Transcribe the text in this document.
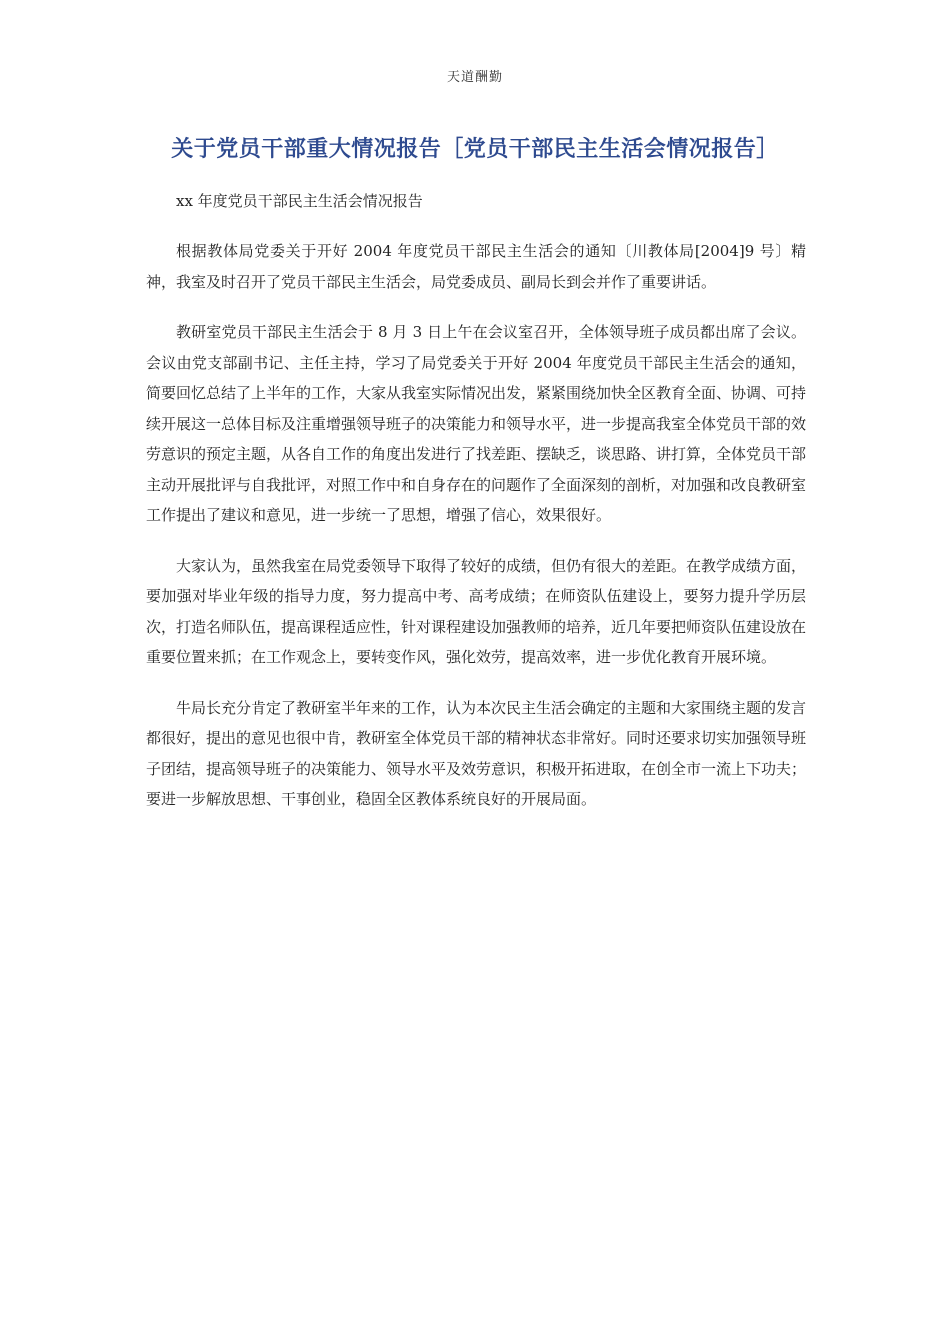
天道酬勤
关于党员干部重大情况报告［党员干部民主生活会情况报告］

xx 年度党员干部民主生活会情况报告

根据教体局党委关于开好 2004 年度党员干部民主生活会的通知〔川教体局[2004]9 号〕精神，我室及时召开了党员干部民主生活会，局党委成员、副局长到会并作了重要讲话。

教研室党员干部民主生活会于 8 月 3 日上午在会议室召开，全体领导班子成员都出席了会议。会议由党支部副书记、主任主持，学习了局党委关于开好 2004 年度党员干部民主生活会的通知，简要回忆总结了上半年的工作，大家从我室实际情况出发，紧紧围绕加快全区教育全面、协调、可持续开展这一总体目标及注重增强领导班子的决策能力和领导水平，进一步提高我室全体党员干部的效劳意识的预定主题，从各自工作的角度出发进行了找差距、摆缺乏，谈思路、讲打算，全体党员干部主动开展批评与自我批评，对照工作中和自身存在的问题作了全面深刻的剖析，对加强和改良教研室工作提出了建议和意见，进一步统一了思想，增强了信心，效果很好。

大家认为，虽然我室在局党委领导下取得了较好的成绩，但仍有很大的差距。在教学成绩方面，要加强对毕业年级的指导力度，努力提高中考、高考成绩；在师资队伍建设上，要努力提升学历层次，打造名师队伍，提高课程适应性，针对课程建设加强教师的培养，近几年要把师资队伍建设放在重要位置来抓；在工作观念上，要转变作风，强化效劳，提高效率，进一步优化教育开展环境。

牛局长充分肯定了教研室半年来的工作，认为本次民主生活会确定的主题和大家围绕主题的发言都很好，提出的意见也很中肯，教研室全体党员干部的精神状态非常好。同时还要求切实加强领导班子团结，提高领导班子的决策能力、领导水平及效劳意识，积极开拓进取，在创全市一流上下功夫；要进一步解放思想、干事创业，稳固全区教体系统良好的开展局面。
